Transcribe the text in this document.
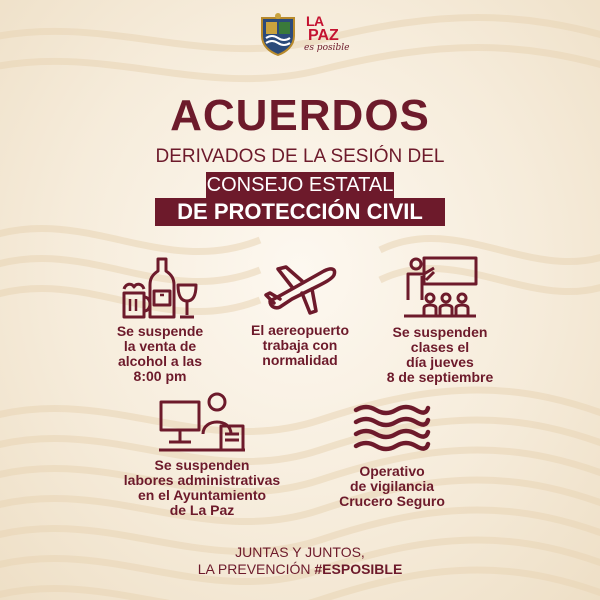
LA
PAZ
es posible
ACUERDOS
DERIVADOS DE LA SESIÓN DEL
CONSEJO ESTATAL
DE PROTECCIÓN CIVIL
Se suspende
la venta de
alcohol a las
8:00 pm
El aereopuerto
trabaja con
normalidad
Se suspenden
clases el
día jueves
8 de septiembre
Se suspenden
labores administrativas
en el Ayuntamiento
de La Paz
Operativo
de vigilancia
Crucero Seguro
JUNTAS Y JUNTOS,
LA PREVENCIÓN #ESPOSIBLE
